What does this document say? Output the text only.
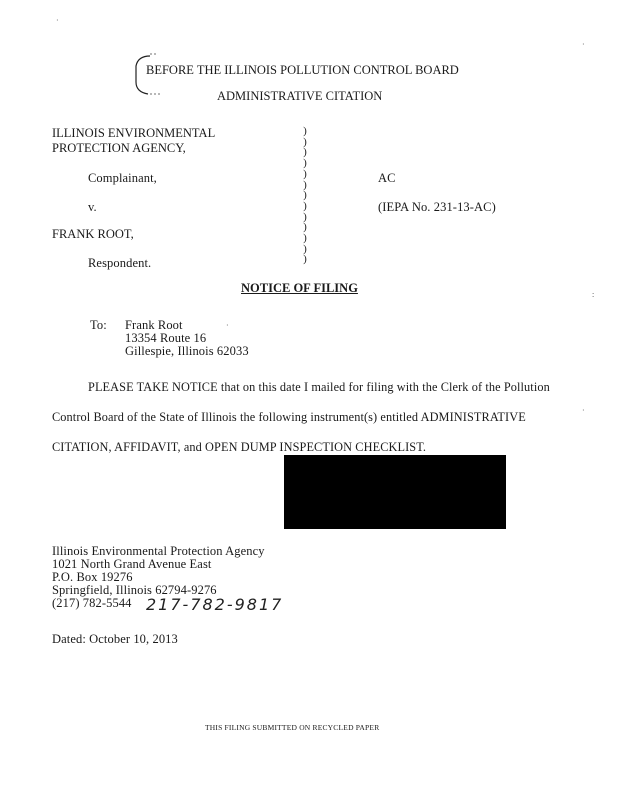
BEFORE THE ILLINOIS POLLUTION CONTROL BOARD
ADMINISTRATIVE CITATION
ILLINOIS ENVIRONMENTAL
PROTECTION AGENCY,
Complainant,
v.
FRANK ROOT,
Respondent.
)
)
)
)
)
)
)
)
)
)
)
)
)
AC
(IEPA No. 231-13-AC)
NOTICE OF FILING
To: Frank Root
13354 Route 16
Gillespie, Illinois 62033
PLEASE TAKE NOTICE that on this date I mailed for filing with the Clerk of the Pollution
Control Board of the State of Illinois the following instrument(s) entitled ADMINISTRATIVE
CITATION, AFFIDAVIT, and OPEN DUMP INSPECTION CHECKLIST.
Illinois Environmental Protection Agency
1021 North Grand Avenue East
P.O. Box 19276
Springfield, Illinois 62794-9276
(217) 782-5544 217-782-9817
Dated: October 10, 2013
THIS FILING SUBMITTED ON RECYCLED PAPER
·
·
:
·
·
